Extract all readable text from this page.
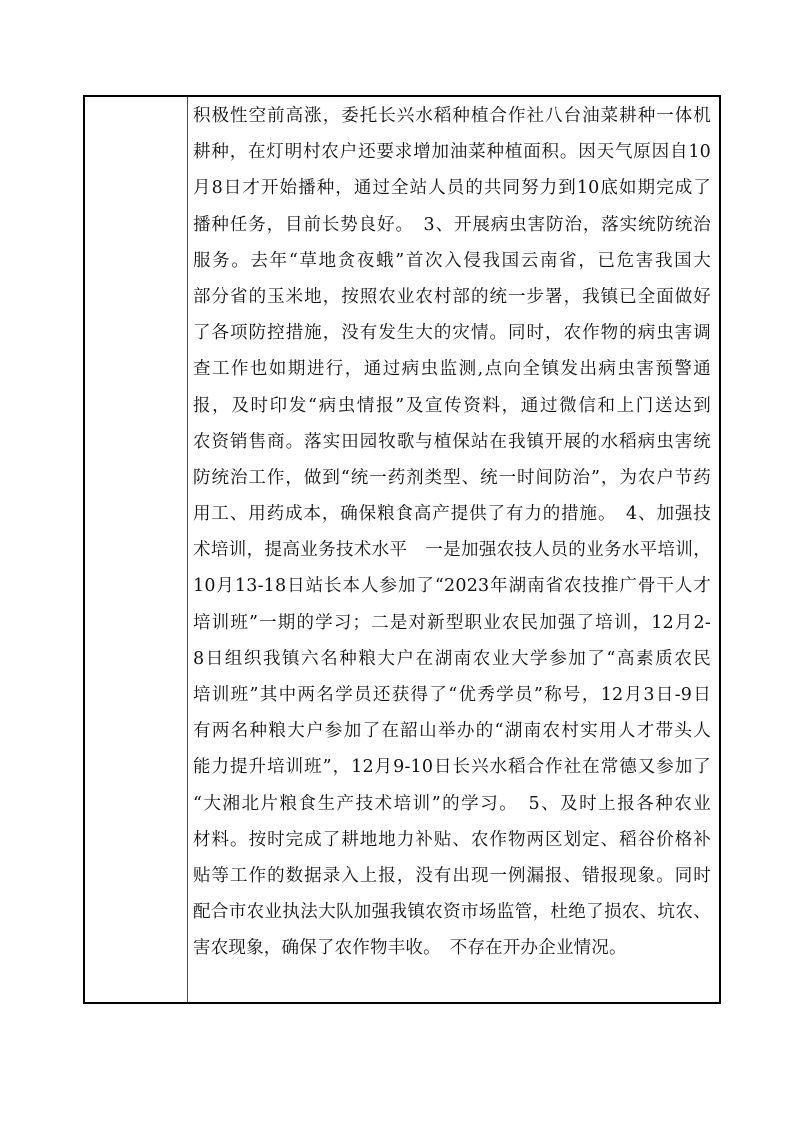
积极性空前高涨，委托长兴水稻种植合作社八台油菜耕种一体机
耕种，在灯明村农户还要求增加油菜种植面积。因天气原因自10
月8日才开始播种，通过全站人员的共同努力到10底如期完成了
播种任务，目前长势良好。　3、开展病虫害防治，落实统防统治
服务。去年“草地贪夜蛾”首次入侵我国云南省，已危害我国大
部分省的玉米地，按照农业农村部的统一步署，我镇已全面做好
了各项防控措施，没有发生大的灾情。同时，农作物的病虫害调
查工作也如期进行，通过病虫监测,点向全镇发出病虫害预警通
报，及时印发“病虫情报”及宣传资料，通过微信和上门送达到
农资销售商。落实田园牧歌与植保站在我镇开展的水稻病虫害统
防统治工作，做到“统一药剂类型、统一时间防治”，为农户节药
用工、用药成本，确保粮食高产提供了有力的措施。　4、加强技
术培训，提高业务技术水平　一是加强农技人员的业务水平培训，
10月13-18日站长本人参加了“2023年湖南省农技推广骨干人才
培训班”一期的学习；二是对新型职业农民加强了培训，12月2-
8日组织我镇六名种粮大户在湖南农业大学参加了“高素质农民
培训班”其中两名学员还获得了“优秀学员”称号，12月3日-9日
有两名种粮大户参加了在韶山举办的“湖南农村实用人才带头人
能力提升培训班”，12月9-10日长兴水稻合作社在常德又参加了
“大湘北片粮食生产技术培训”的学习。　5、及时上报各种农业
材料。按时完成了耕地地力补贴、农作物两区划定、稻谷价格补
贴等工作的数据录入上报，没有出现一例漏报、错报现象。同时
配合市农业执法大队加强我镇农资市场监管，杜绝了损农、坑农、
害农现象，确保了农作物丰收。　不存在开办企业情况。
